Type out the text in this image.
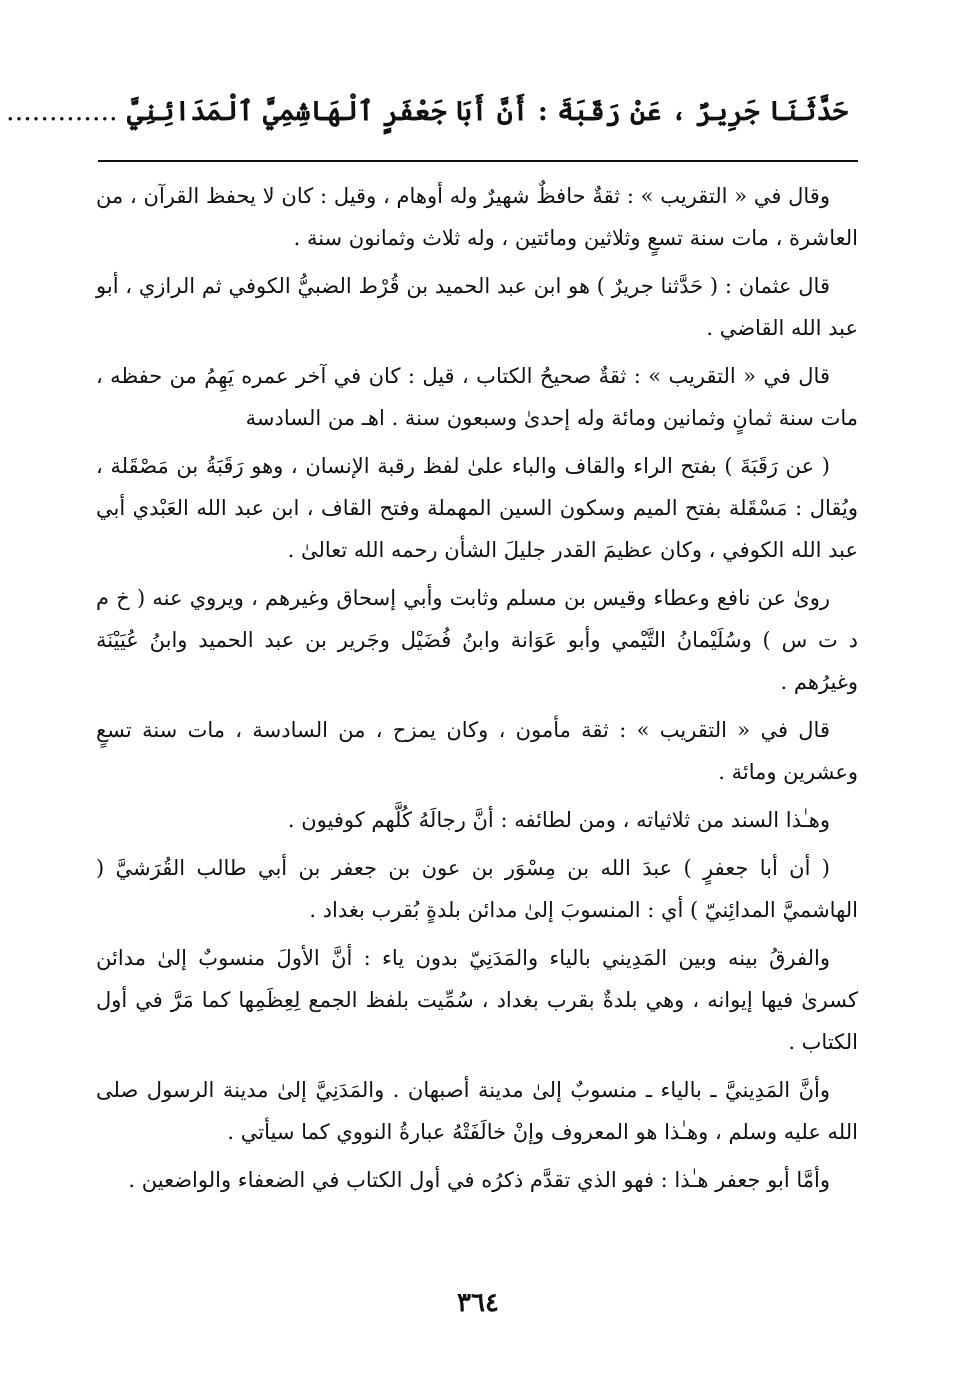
حَدَّثَنَا جَرِيرٌ ، عَنْ رَقَبَةَ : أَنَّ أَبَا جَعْفَرٍ ٱلْهَاشِمِيَّ ٱلْمَدَائِنِيَّ .............

وقال في « التقريب » : ثقةٌ حافظٌ شهيرٌ وله أوهام ، وقيل : كان لا يحفظ القرآن ، من العاشرة ، مات سنة تسعٍ وثلاثين ومائتين ، وله ثلاث وثمانون سنة .

قال عثمان : ( حَدَّثنا جريرٌ ) هو ابن عبد الحميد بن قُرْط الضبيُّ الكوفي ثم الرازي ، أبو عبد الله القاضي .

قال في « التقريب » : ثقةٌ صحيحُ الكتاب ، قيل : كان في آخر عمره يَهِمُ من حفظه ، مات سنة ثمانٍ وثمانين ومائة وله إحدىٰ وسبعون سنة . اهـ من السادسة

( عن رَقَبَةَ ) بفتح الراء والقاف والباء علىٰ لفظ رقبة الإنسان ، وهو رَقَبَةُ بن مَصْقَلة ، ويُقال : مَسْقَلة بفتح الميم وسكون السين المهملة وفتح القاف ، ابن عبد الله العَبْدي أبي عبد الله الكوفي ، وكان عظيمَ القدر جليلَ الشأن رحمه الله تعالىٰ .

روىٰ عن نافع وعطاء وقيس بن مسلم وثابت وأبي إسحاق وغيرهم ، ويروي عنه ( خ م د ت س ) وسُلَيْمانُ التَّيْمي وأبو عَوَانة وابنُ فُضَيْل وجَرير بن عبد الحميد وابنُ عُيَيْنَة وغيرُهم .

قال في « التقريب » : ثقة مأمون ، وكان يمزح ، من السادسة ، مات سنة تسعٍ وعشرين ومائة .

وهـٰذا السند من ثلاثياته ، ومن لطائفه : أنَّ رجالَهُ كُلَّهم كوفيون .

( أن أبا جعفرٍ ) عبدَ الله بن مِسْوَر بن عون بن جعفر بن أبي طالب القُرَشيَّ ( الهاشميَّ المدائِنيّ ) أي : المنسوبَ إلىٰ مدائن بلدةٍ بُقرب بغداد .

والفرقُ بينه وبين المَدِيني بالياء والمَدَنِيّ بدون ياء : أنَّ الأولَ منسوبٌ إلىٰ مدائن كسرىٰ فيها إيوانه ، وهي بلدةٌ بقرب بغداد ، سُمِّيت بلفظ الجمع لِعِظَمِها كما مَرَّ في أول الكتاب .

وأنَّ المَدِينيَّ ـ بالياء ـ منسوبٌ إلىٰ مدينة أصبهان . والمَدَنِيَّ إلىٰ مدينة الرسول صلى الله عليه وسلم ، وهـٰذا هو المعروف وإنْ خالَفَتْهُ عبارةُ النووي كما سيأتي .

وأمَّا أبو جعفر هـٰذا : فهو الذي تقدَّم ذكرُه في أول الكتاب في الضعفاء والواضعين .

٣٦٤
